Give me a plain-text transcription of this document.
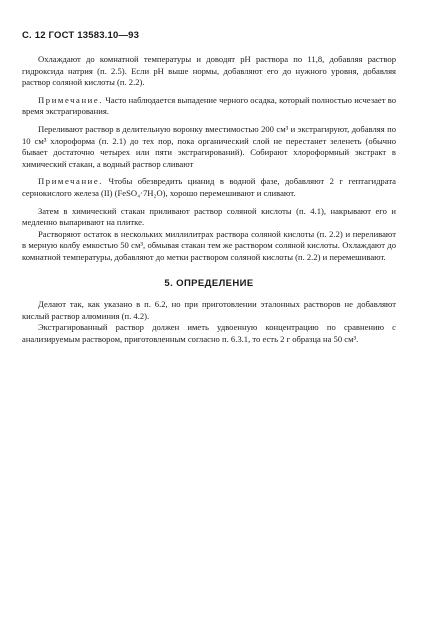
С. 12 ГОСТ 13583.10—93

Охлаждают до комнатной температуры и доводят pH раствора по 11,8, добавляя раствор гидроксида натрия (п. 2.5). Если pH выше нормы, добавляют его до нужного уровня, добавляя раствор соляной кислоты (п. 2.2).

Примечание. Часто наблюдается выпадение черного осадка, который полностью исчезает во время экстрагирования.

Переливают раствор в делительную воронку вместимостью 200 см³ и экстрагируют, добавляя по 10 см³ хлороформа (п. 2.1) до тех пор, пока органический слой не перестанет зеленеть (обычно бывает достаточно четырех или пяти экстрагирований). Собирают хлороформный экстракт в химический стакан, а водный раствор сливают

Примечание. Чтобы обезвредить цианид в водной фазе, добавляют 2 г гептагидрата сернокислого железа (II) (FeSO₄·7H₂O), хорошо перемешивают и сливают.

Затем в химический стакан приливают раствор соляной кислоты (п. 4.1), накрывают его и медленно выпаривают на плитке.

Растворяют остаток в нескольких миллилитрах раствора соляной кислоты (п. 2.2) и переливают в мерную колбу емкостью 50 см³, обмывая стакан тем же раствором соляной кислоты. Охлаждают до комнатной температуры, добавляют до метки раствором соляной кислоты (п. 2.2) и перемешивают.

5. ОПРЕДЕЛЕНИЕ

Делают так, как указано в п. 6.2, но при приготовлении эталонных растворов не добавляют кислый раствор алюминия (п. 4.2).

Экстрагированный раствор должен иметь удвоенную концентрацию по сравнению с анализируемым раствором, приготовленным согласно п. 6.3.1, то есть 2 г образца на 50 см³.
